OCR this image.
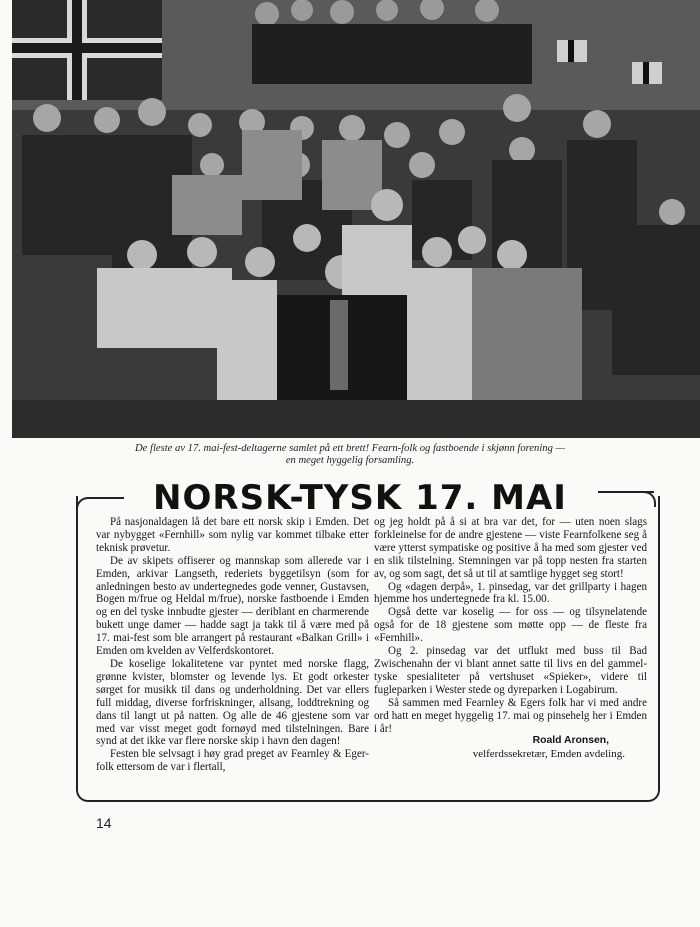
De fleste av 17. mai-fest-deltagerne samlet på ett brett! Fearn-folk og fastboende i skjønn forening —
en meget hyggelig forsamling.
NORSK-TYSK 17. MAI

På nasjonaldagen lå det bare ett norsk skip i Emden. Det var nybygget «Fernhill» som nylig var kommet tilbake etter teknisk prøvetur.

De av skipets offiserer og mannskap som allerede var i Emden, arkivar Langseth, rederiets byggetilsyn (som for anledningen besto av undertegnedes gode venner, Gustavsen, Bogen m/frue og Heldal m/frue), norske fastboende i Emden og en del tyske innbudte gjester — deriblant en charmerende bukett unge damer — hadde sagt ja takk til å være med på 17. mai-fest som ble arrangert på restaurant «Balkan Grill» i Emden om kvelden av Velferdskontoret.

De koselige lokalitetene var pyntet med norske flagg, grønne kvister, blomster og levende lys. Et godt orkester sørget for musikk til dans og underholdning. Det var ellers full middag, diverse forfriskninger, allsang, loddtrekning og dans til langt ut på natten. Og alle de 46 gjestene som var med var visst meget godt fornøyd med tilstelningen. Bare synd at det ikke var flere norske skip i havn den dagen!

Festen ble selvsagt i høy grad preget av Fearnley & Eger-folk ettersom de var i flertall,

og jeg holdt på å si at bra var det, for — uten noen slags forkleinelse for de andre gjestene — viste Fearnfolkene seg å være ytterst sympatiske og positive å ha med som gjester ved en slik tilstelning. Stemningen var på topp nesten fra starten av, og som sagt, det så ut til at samtlige hygget seg stort!

Og «dagen derpå», 1. pinsedag, var det grillparty i hagen hjemme hos undertegnede fra kl. 15.00.

Også dette var koselig — for oss — og tilsynelatende også for de 18 gjestene som møtte opp — de fleste fra «Fernhill».

Og 2. pinsedag var det utflukt med buss til Bad Zwischenahn der vi blant annet satte til livs en del gammel-tyske spesialiteter på vertshuset «Spieker», videre til fugleparken i Wester stede og dyreparken i Logabirum.

Så sammen med Fearnley & Egers folk har vi med andre ord hatt en meget hyggelig 17. mai og pinsehelg her i Emden i år!

Roald Aronsen,
velferdssekretær, Emden avdeling.
14
